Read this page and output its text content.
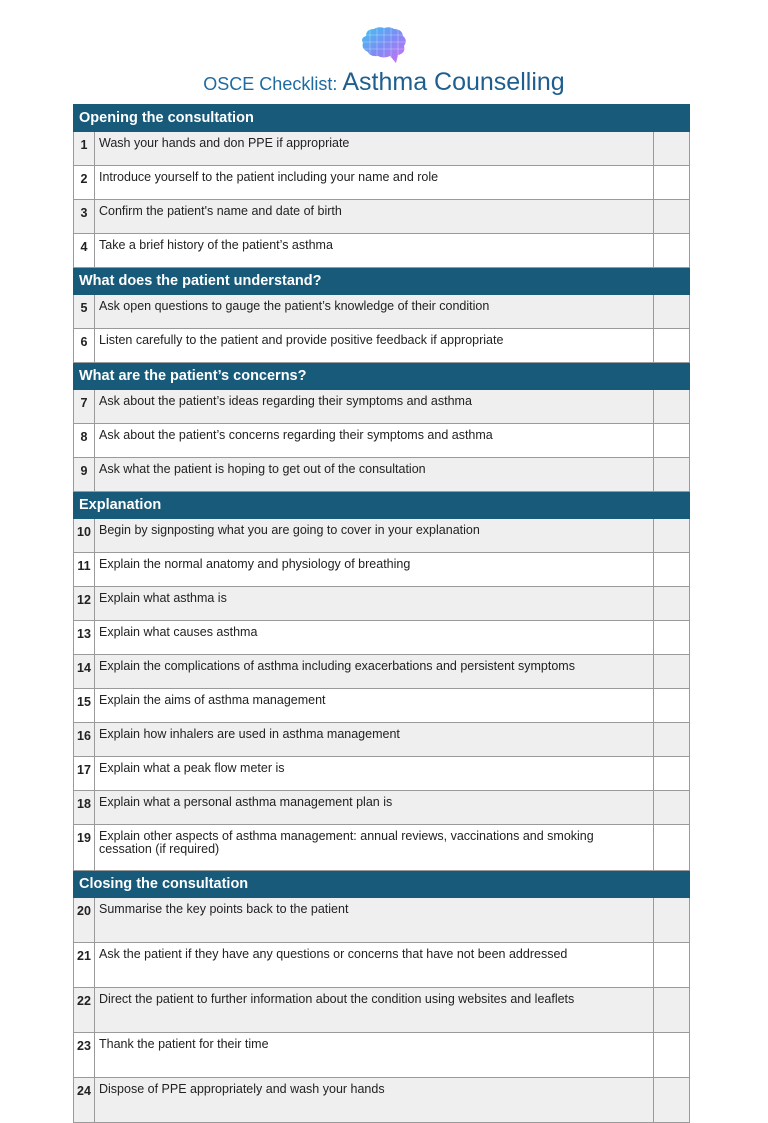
OSCE Checklist: Asthma Counselling
Opening the consultation		
1	Wash your hands and don PPE if appropriate	
2	Introduce yourself to the patient including your name and role	
3	Confirm the patient's name and date of birth	
4	Take a brief history of the patient’s asthma	
What does the patient understand?		
5	Ask open questions to gauge the patient’s knowledge of their condition	
6	Listen carefully to the patient and provide positive feedback if appropriate	
What are the patient’s concerns?		
7	Ask about the patient’s ideas regarding their symptoms and asthma	
8	Ask about the patient’s concerns regarding their symptoms and asthma	
9	Ask what the patient is hoping to get out of the consultation	
Explanation		
10	Begin by signposting what you are going to cover in your explanation	
11	Explain the normal anatomy and physiology of breathing	
12	Explain what asthma is	
13	Explain what causes asthma	
14	Explain the complications of asthma including exacerbations and persistent symptoms	
15	Explain the aims of asthma management	
16	Explain how inhalers are used in asthma management	
17	Explain what a peak flow meter is	
18	Explain what a personal asthma management plan is	
19	Explain other aspects of asthma management: annual reviews, vaccinations and smoking cessation (if required)	
Closing the consultation		
20	Summarise the key points back to the patient	
21	Ask the patient if they have any questions or concerns that have not been addressed	
22	Direct the patient to further information about the condition using websites and leaflets	
23	Thank the patient for their time	
24	Dispose of PPE appropriately and wash your hands	
